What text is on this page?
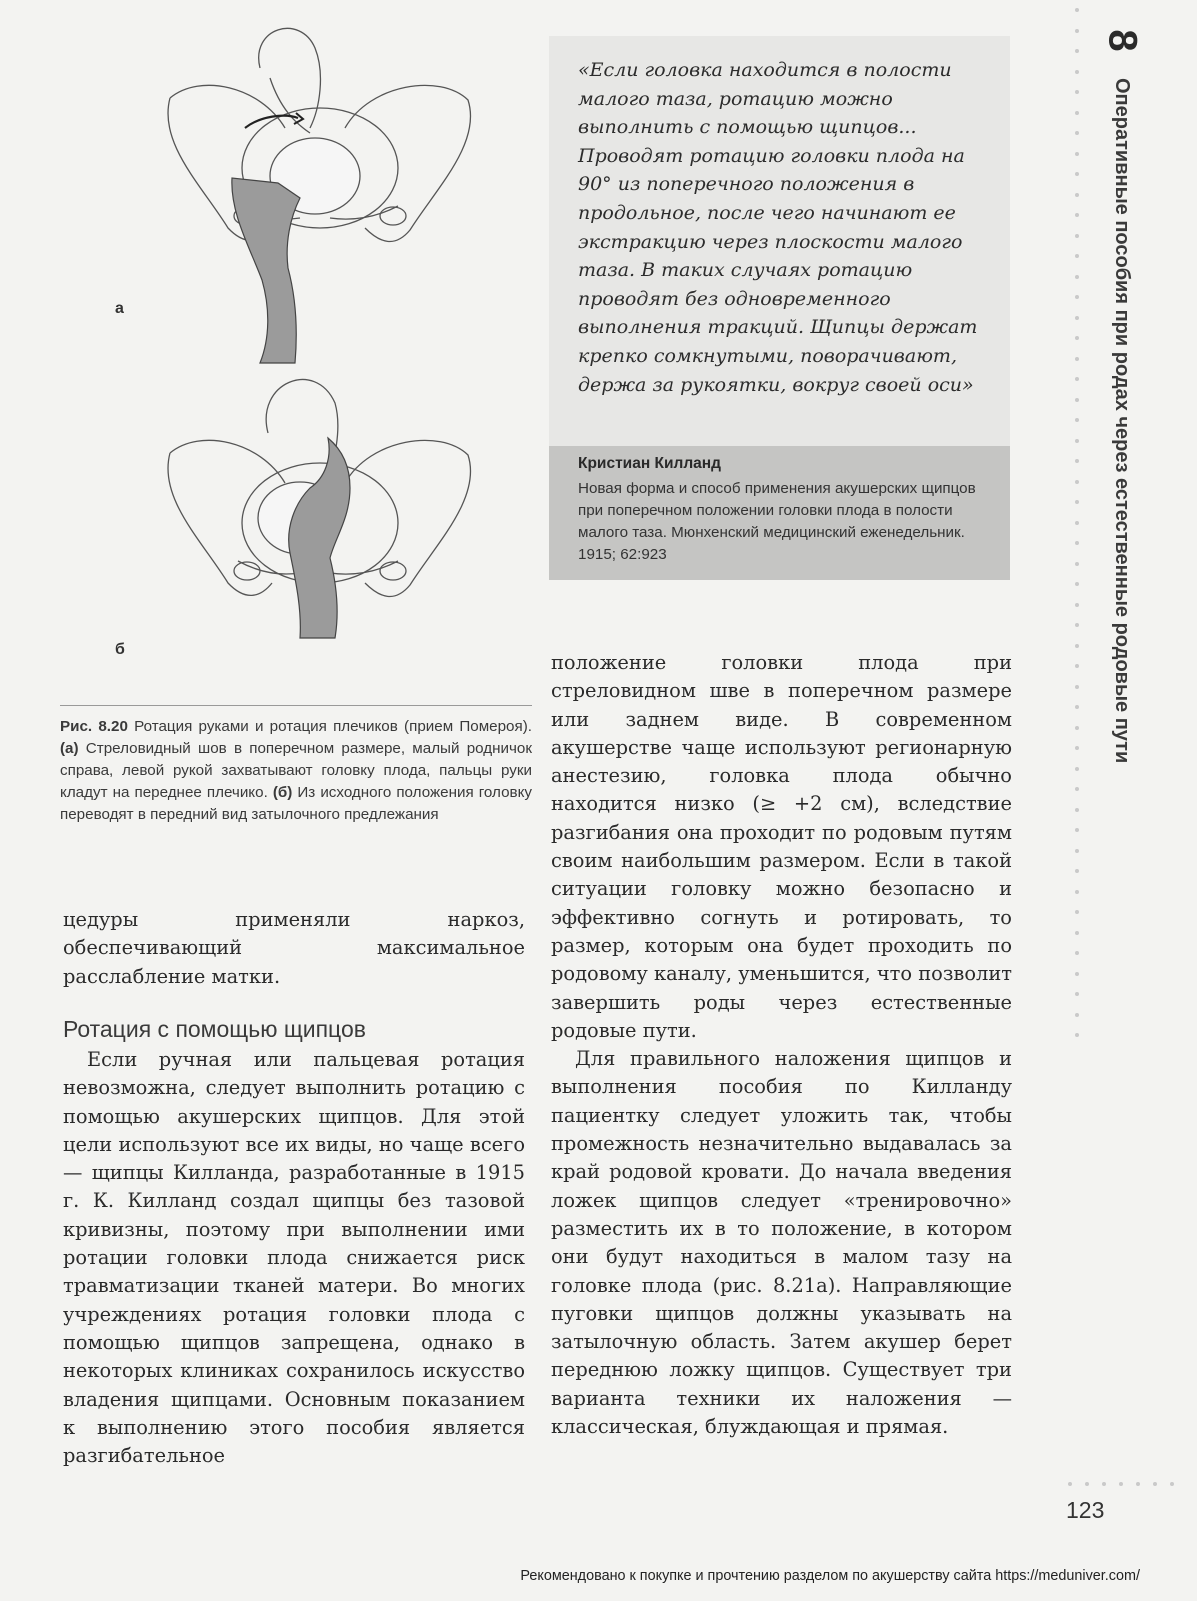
а
б
Рис. 8.20 Ротация руками и ротация плечиков (прием Помероя). (а) Стреловидный шов в поперечном размере, малый родничок справа, левой рукой захватывают головку плода, пальцы руки кладут на переднее плечико. (б) Из исходного положения головку переводят в передний вид затылочного предлежания

цедуры применяли наркоз, обеспечивающий максимальное расслабление матки.

Ротация с помощью щипцов

Если ручная или пальцевая ротация невозможна, следует выполнить ротацию с помощью акушерских щипцов. Для этой цели используют все их виды, но чаще всего — щипцы Килланда, разработанные в 1915 г. К. Килланд создал щипцы без тазовой кривизны, поэтому при выполнении ими ротации головки плода снижается риск травматизации тканей матери. Во многих учреждениях ротация головки плода с помощью щипцов запрещена, однако в некоторых клиниках сохранилось искусство владения щипцами. Основным показанием к выполнению этого пособия является разгибательное

«Если головка находится в полости малого таза, ротацию можно выполнить с помощью щипцов... Проводят ротацию головки плода на 90° из поперечного положения в продольное, после чего начинают ее экстракцию через плоскости малого таза. В таких случаях ротацию проводят без одновременного выполнения тракций. Щипцы держат крепко сомкнутыми, поворачивают, держа за рукоятки, вокруг своей оси»
Кристиан Килланд
Новая форма и способ применения акушерских щипцов при поперечном положении головки плода в полости малого таза. Мюнхенский медицинский еженедельник. 1915; 62:923

положение головки плода при стреловидном шве в поперечном размере или заднем виде. В современном акушерстве чаще используют регионарную анестезию, головка плода обычно находится низко (≥ +2 см), вследствие разгибания она проходит по родовым путям своим наибольшим размером. Если в такой ситуации головку можно безопасно и эффективно согнуть и ротировать, то размер, которым она будет проходить по родовому каналу, уменьшится, что позволит завершить роды через естественные родовые пути.

Для правильного наложения щипцов и выполнения пособия по Килланду пациентку следует уложить так, чтобы промежность незначительно выдавалась за край родовой кровати. До начала введения ложек щипцов следует «тренировочно» разместить их в то положение, в котором они будут находиться в малом тазу на головке плода (рис. 8.21а). Направляющие пуговки щипцов должны указывать на затылочную область. Затем акушер берет переднюю ложку щипцов. Существует три варианта техники их наложения — классическая, блуждающая и прямая.

8
Оперативные пособия при родах через естественные родовые пути
123
Рекомендовано к покупке и прочтению разделом по акушерству сайта https://meduniver.com/
